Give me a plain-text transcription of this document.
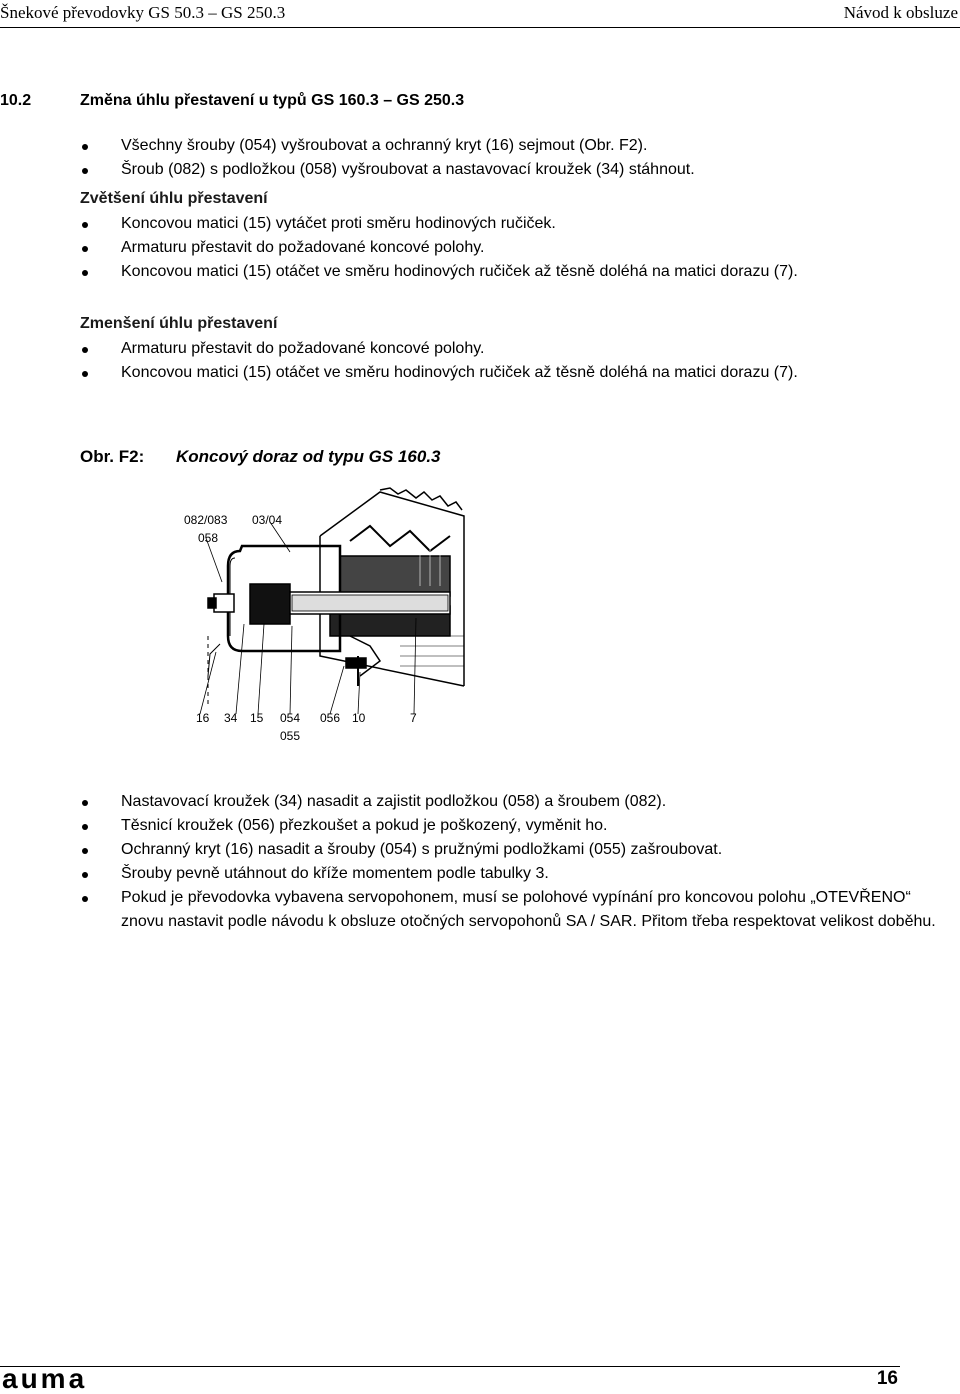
Šnekové převodovky GS 50.3 – GS 250.3	Návod k obsluze
10.2	Změna úhlu přestavení u typů GS 160.3 – GS 250.3
Všechny šrouby (054) vyšroubovat a ochranný kryt (16) sejmout (Obr. F2).
Šroub (082) s podložkou (058) vyšroubovat a nastavovací kroužek (34) stáhnout.
Zvětšení úhlu přestavení
Koncovou matici (15) vytáčet proti směru hodinových ručiček.
Armaturu přestavit do požadované koncové polohy.
Koncovou matici (15) otáčet ve směru hodinových ručiček až těsně doléhá na matici dorazu (7).
Zmenšení úhlu přestavení
Armaturu přestavit do požadované koncové polohy.
Koncovou matici (15) otáčet ve směru hodinových ručiček až těsně doléhá na matici dorazu (7).
Obr. F2: Koncový doraz od typu GS 160.3
082/083 03/04
058
16 34 15 054 056 10	7
055
Nastavovací kroužek (34) nasadit a zajistit podložkou (058) a šroubem (082).
Těsnicí kroužek (056) přezkoušet a pokud je poškozený, vyměnit ho.
Ochranný kryt (16) nasadit a šrouby (054) s pružnými podložkami (055) zašroubovat.
Šrouby pevně utáhnout do kříže momentem podle tabulky 3.
Pokud je převodovka vybavena servopohonem, musí se polohové vypínání pro koncovou polohu „OTEVŘENO“ znovu nastavit podle návodu k obsluze otočných servopohonů SA / SAR. Přitom třeba respektovat velikost doběhu.
auma	16
